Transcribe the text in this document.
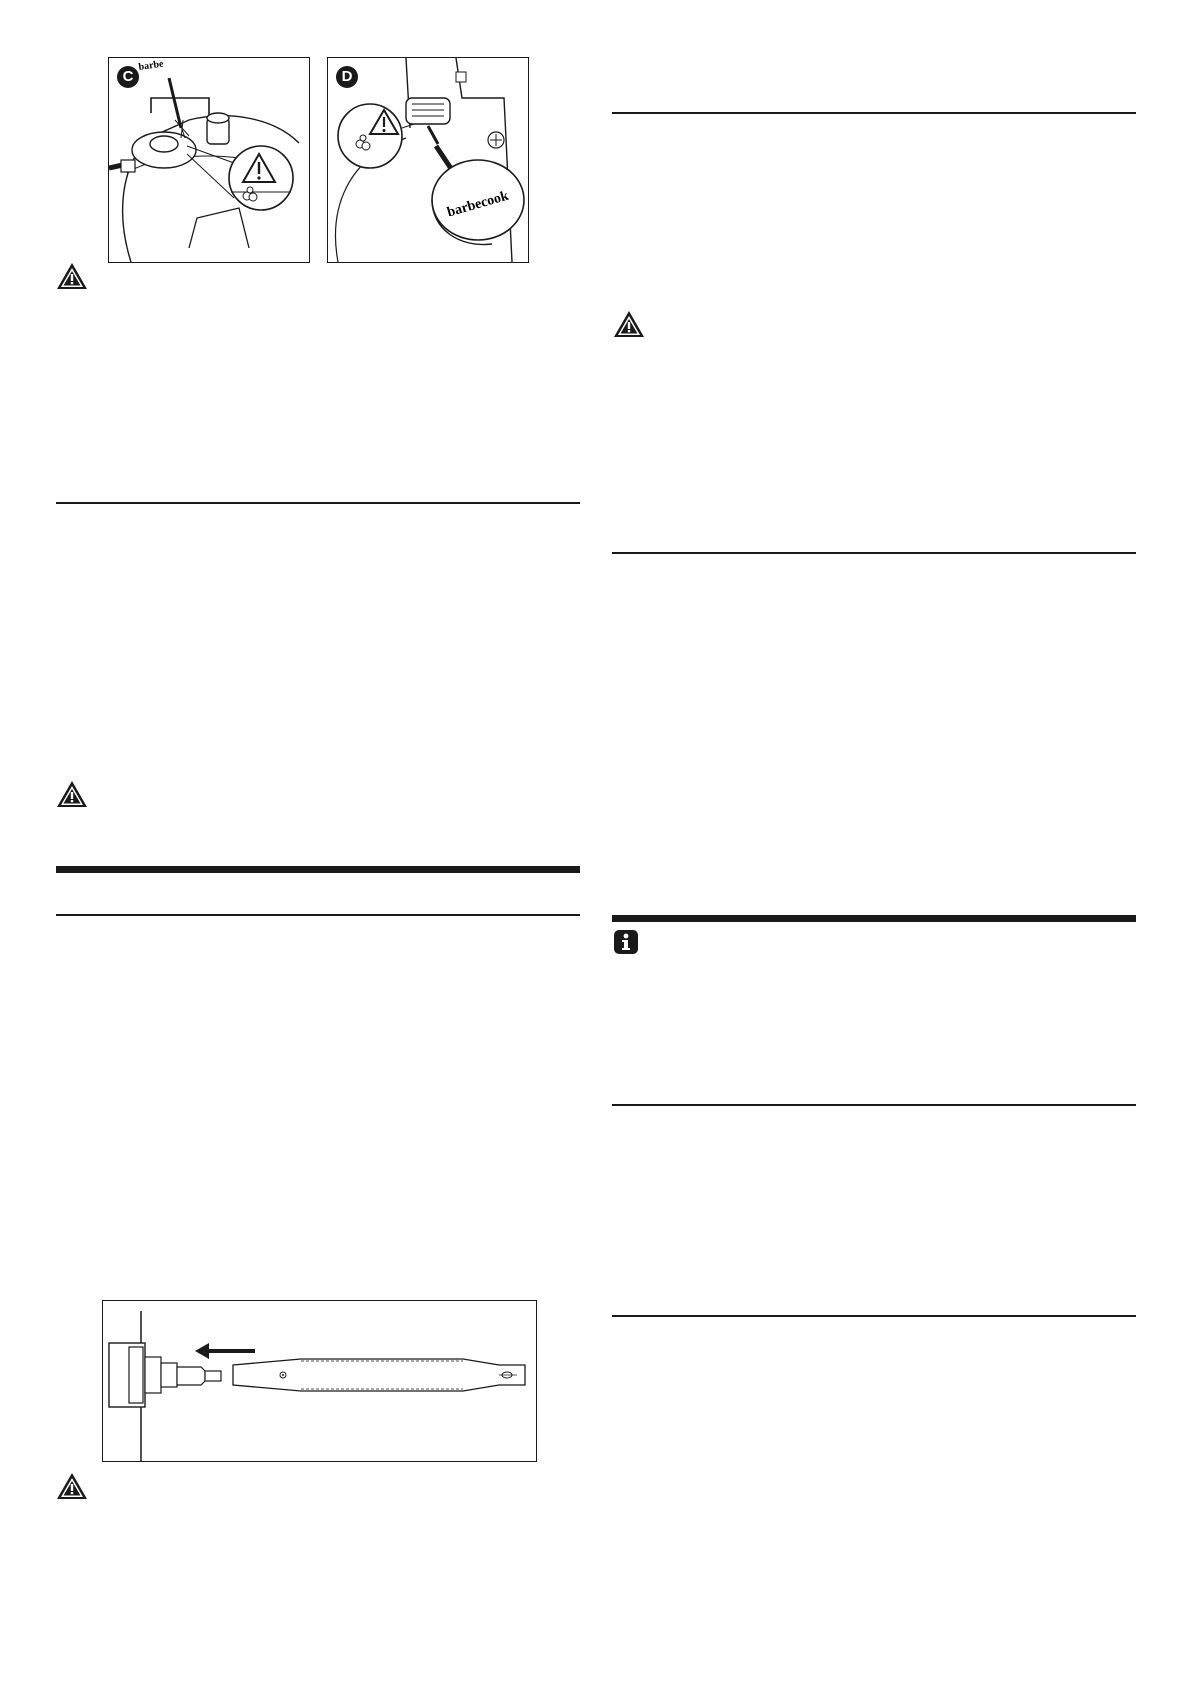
barbe
C
barbecook
D
